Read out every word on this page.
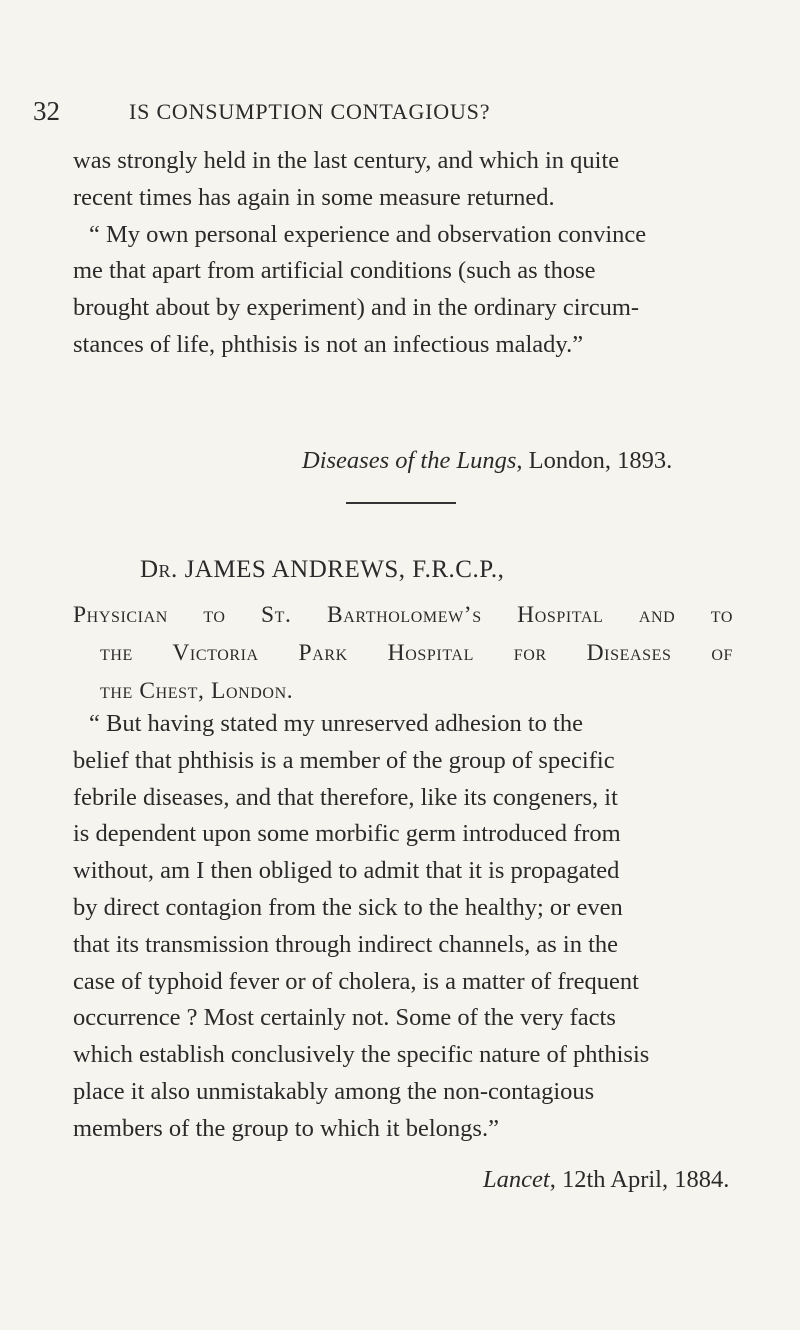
32	IS CONSUMPTION CONTAGIOUS?

was strongly held in the last century, and which in quite

recent times has again in some measure returned.

“ My own personal experience and observation convince

me that apart from artificial conditions (such as those

brought about by experiment) and in the ordinary circum-

stances of life, phthisis is not an infectious malady.”

Diseases of the Lungs, London, 1893.
Dr. JAMES ANDREWS, F.R.C.P.,

Physician to St. Bartholomew’s Hospital and to

the Victoria Park Hospital for Diseases of

the Chest, London.

“ But having stated my unreserved adhesion to the

belief that phthisis is a member of the group of specific

febrile diseases, and that therefore, like its congeners, it

is dependent upon some morbific germ introduced from

without, am I then obliged to admit that it is propagated

by direct contagion from the sick to the healthy; or even

that its transmission through indirect channels, as in the

case of typhoid fever or of cholera, is a matter of frequent

occurrence ? Most certainly not. Some of the very facts

which establish conclusively the specific nature of phthisis

place it also unmistakably among the non-contagious

members of the group to which it belongs.”

Lancet, 12th April, 1884.
